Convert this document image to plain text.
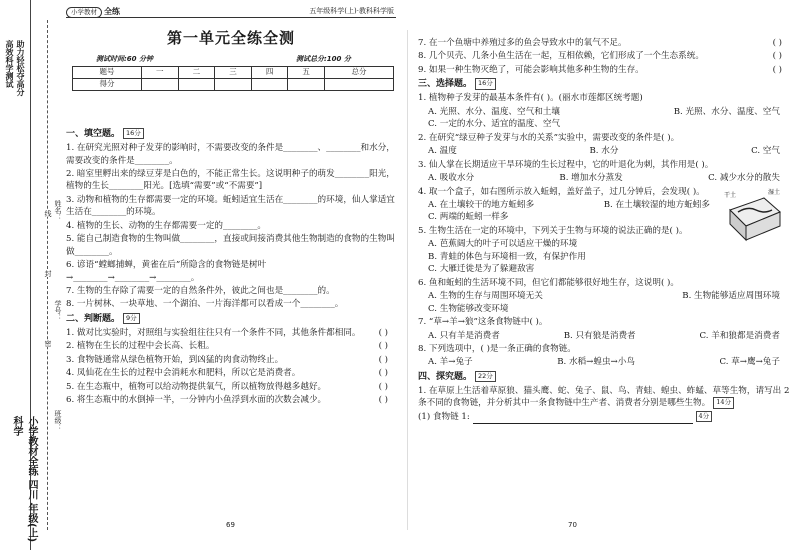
高效科学测试 助力轻松夺高分
小学教材全练 四川 年级(上) 科学
姓名：
学号：
班级：
线
封
密
小学教材 全练	五年级科学(上)·教科科学版
第一单元全练全测
测试时间:60 分钟	测试总分:100 分
题号	一	二	三	四	五	总分
得分						
一、填空题。 16分
1. 在研究光照对种子发芽的影响时，不需要改变的条件是________、________和水分，需要改变的条件是________。
2. 暗室里孵出来的绿豆芽是白色的，不能正常生长。这说明种子的萌发________阳光，植物的生长________阳光。[选填“需要”或“不需要”]
3. 动物和植物的生存都需要一定的环境。蚯蚓适宜生活在________的环境，仙人掌适宜生活在________的环境。
4. 植物的生长、动物的生存都需要一定的________。
5. 能自己制造食物的生物叫做________，直接或间接消费其他生物制造的食物的生物叫做________。
6. 谚语“螳螂捕蝉，黄雀在后”所隐含的食物链是树叶→________→________→________。
7. 生物的生存除了需要一定的自然条件外，彼此之间也是________的。
8. 一片树林、一块草地、一个湖泊、一片海洋都可以看成一个________。
二、判断题。 9分
1. 做对比实验时，对照组与实验组往往只有一个条件不同，其他条件都相同。 ( )
2. 植物在生长的过程中会长高、长粗。	( )
3. 食物链通常从绿色植物开始，到凶猛的肉食动物终止。	( )
4. 凤仙花在生长的过程中会消耗水和肥料，所以它是消费者。	( )
5. 在生态瓶中，植物可以给动物提供氧气，所以植物放得越多越好。	( )
6. 将生态瓶中的水倒掉一半，一分钟内小鱼浮到水面的次数会减少。	( )
69
7. 在一个鱼塘中养殖过多的鱼会导致水中的氧气不足。	( )
8. 几个贝壳、几条小鱼生活在一起，互相依赖，它们形成了一个生态系统。	( )
9. 如果一种生物灭绝了，可能会影响其他多种生物的生存。	( )
三、选择题。 16分
1. 植物种子发芽的最基本条件有( )。(丽水市莲都区统考题)
A. 光照、水分、温度、空气和土壤	B. 光照、水分、温度、空气
C. 一定的水分、适宜的温度、空气
2. 在研究“绿豆种子发芽与水的关系”实验中，需要改变的条件是( )。
A. 温度	B. 水分	C. 空气
3. 仙人掌在长期适应干旱环境的生长过程中，它的叶退化为刺，其作用是( )。
A. 吸收水分	B. 增加水分蒸发	C. 减少水分的散失
4. 取一个盒子，如右图所示放入蚯蚓，盖好盖子，过几分钟后，会发现( )。
A. 在土壤较干的地方蚯蚓多	B. 在土壤较湿的地方蚯蚓多
C. 两端的蚯蚓一样多
5. 生物生活在一定的环境中，下列关于生物与环境的说法正确的是( )。
A. 芭蕉阔大的叶子可以适应干燥的环境
B. 青蛙的体色与环境相一致，有保护作用
C. 大雁迁徙是为了躲避敌害
6. 鱼和蚯蚓的生活环境不同，但它们都能够很好地生存，这说明( )。
A. 生物的生存与周围环境无关	B. 生物能够适应周围环境
C. 生物能够改变环境
7. “草→羊→狼”这条食物链中( )。
A. 只有羊是消费者	B. 只有狼是消费者	C. 羊和狼都是消费者
8. 下列选项中，( )是一条正确的食物链。
A. 羊→兔子	B. 水稻→蝗虫→小鸟	C. 草→鹰→兔子
四、探究题。 22分
1. 在草原上生活着草原狼、猫头鹰、蛇、兔子、鼠、鸟、青蛙、蝗虫、蚱蜢、草等生物，请写出 2 条不同的食物链，并分析其中一条食物链中生产者、消费者分别是哪些生物。 14分
(1) 食物链 1:	4分
干土	湿土
70
